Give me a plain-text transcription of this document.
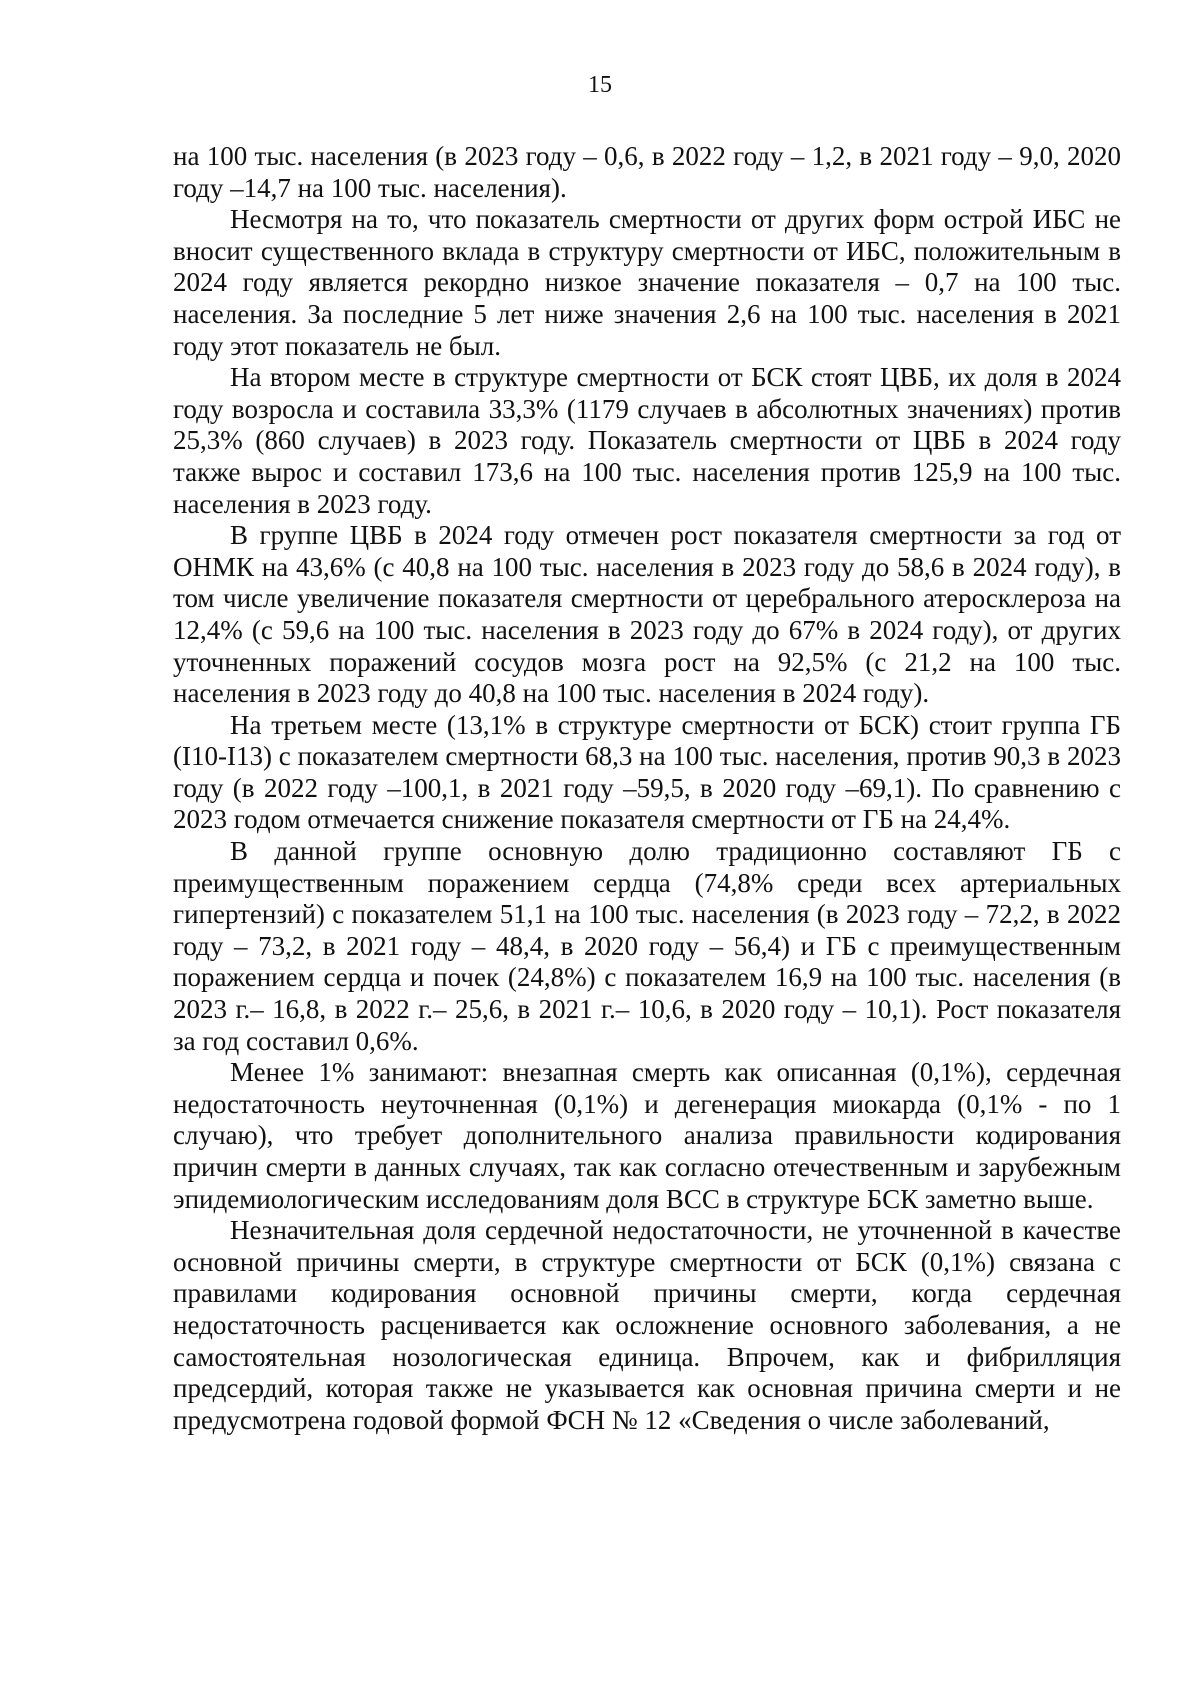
15

на 100 тыс. населения (в 2023 году – 0,6, в 2022 году – 1,2, в 2021 году – 9,0, 2020 году –14,7 на 100 тыс. населения).

Несмотря на то, что показатель смертности от других форм острой ИБС не вносит существенного вклада в структуру смертности от ИБС, положительным в 2024 году является рекордно низкое значение показателя – 0,7 на 100 тыс. населения. За последние 5 лет ниже значения 2,6 на 100 тыс. населения в 2021 году этот показатель не был.

На втором месте в структуре смертности от БСК стоят ЦВБ, их доля в 2024 году возросла и составила 33,3% (1179 случаев в абсолютных значениях) против 25,3% (860 случаев) в 2023 году. Показатель смертности от ЦВБ в 2024 году также вырос и составил 173,6 на 100 тыс. населения против 125,9 на 100 тыс. населения в 2023 году.

В группе ЦВБ в 2024 году отмечен рост показателя смертности за год от ОНМК на 43,6% (с 40,8 на 100 тыс. населения в 2023 году до 58,6 в 2024 году), в том числе увеличение показателя смертности от церебрального атеросклероза на 12,4% (с 59,6 на 100 тыс. населения в 2023 году до 67% в 2024 году), от других уточненных поражений сосудов мозга рост на 92,5% (с 21,2 на 100 тыс. населения в 2023 году до 40,8 на 100 тыс. населения в 2024 году).

На третьем месте (13,1% в структуре смертности от БСК) стоит группа ГБ (I10-I13) с показателем смертности 68,3 на 100 тыс. населения, против 90,3 в 2023 году (в 2022 году –100,1, в 2021 году –59,5, в 2020 году –69,1). По сравнению с 2023 годом отмечается снижение показателя смертности от ГБ на 24,4%.

В данной группе основную долю традиционно составляют ГБ с преимущественным поражением сердца (74,8% среди всех артериальных гипертензий) с показателем 51,1 на 100 тыс. населения (в 2023 году – 72,2, в 2022 году – 73,2, в 2021 году – 48,4, в 2020 году – 56,4) и ГБ с преимущественным поражением сердца и почек (24,8%) с показателем 16,9 на 100 тыс. населения (в 2023 г.– 16,8, в 2022 г.– 25,6, в 2021 г.– 10,6, в 2020 году – 10,1). Рост показателя за год составил 0,6%.

Менее 1% занимают: внезапная смерть как описанная (0,1%), сердечная недостаточность неуточненная (0,1%) и дегенерация миокарда (0,1% - по 1 случаю), что требует дополнительного анализа правильности кодирования причин смерти в данных случаях, так как согласно отечественным и зарубежным эпидемиологическим исследованиям доля ВСС в структуре БСК заметно выше.

Незначительная доля сердечной недостаточности, не уточненной в качестве основной причины смерти, в структуре смертности от БСК (0,1%) связана с правилами кодирования основной причины смерти, когда сердечная недостаточность расценивается как осложнение основного заболевания, а не самостоятельная нозологическая единица. Впрочем, как и фибрилляция предсердий, которая также не указывается как основная причина смерти и не предусмотрена годовой формой ФСН № 12 «Сведения о числе заболеваний,
